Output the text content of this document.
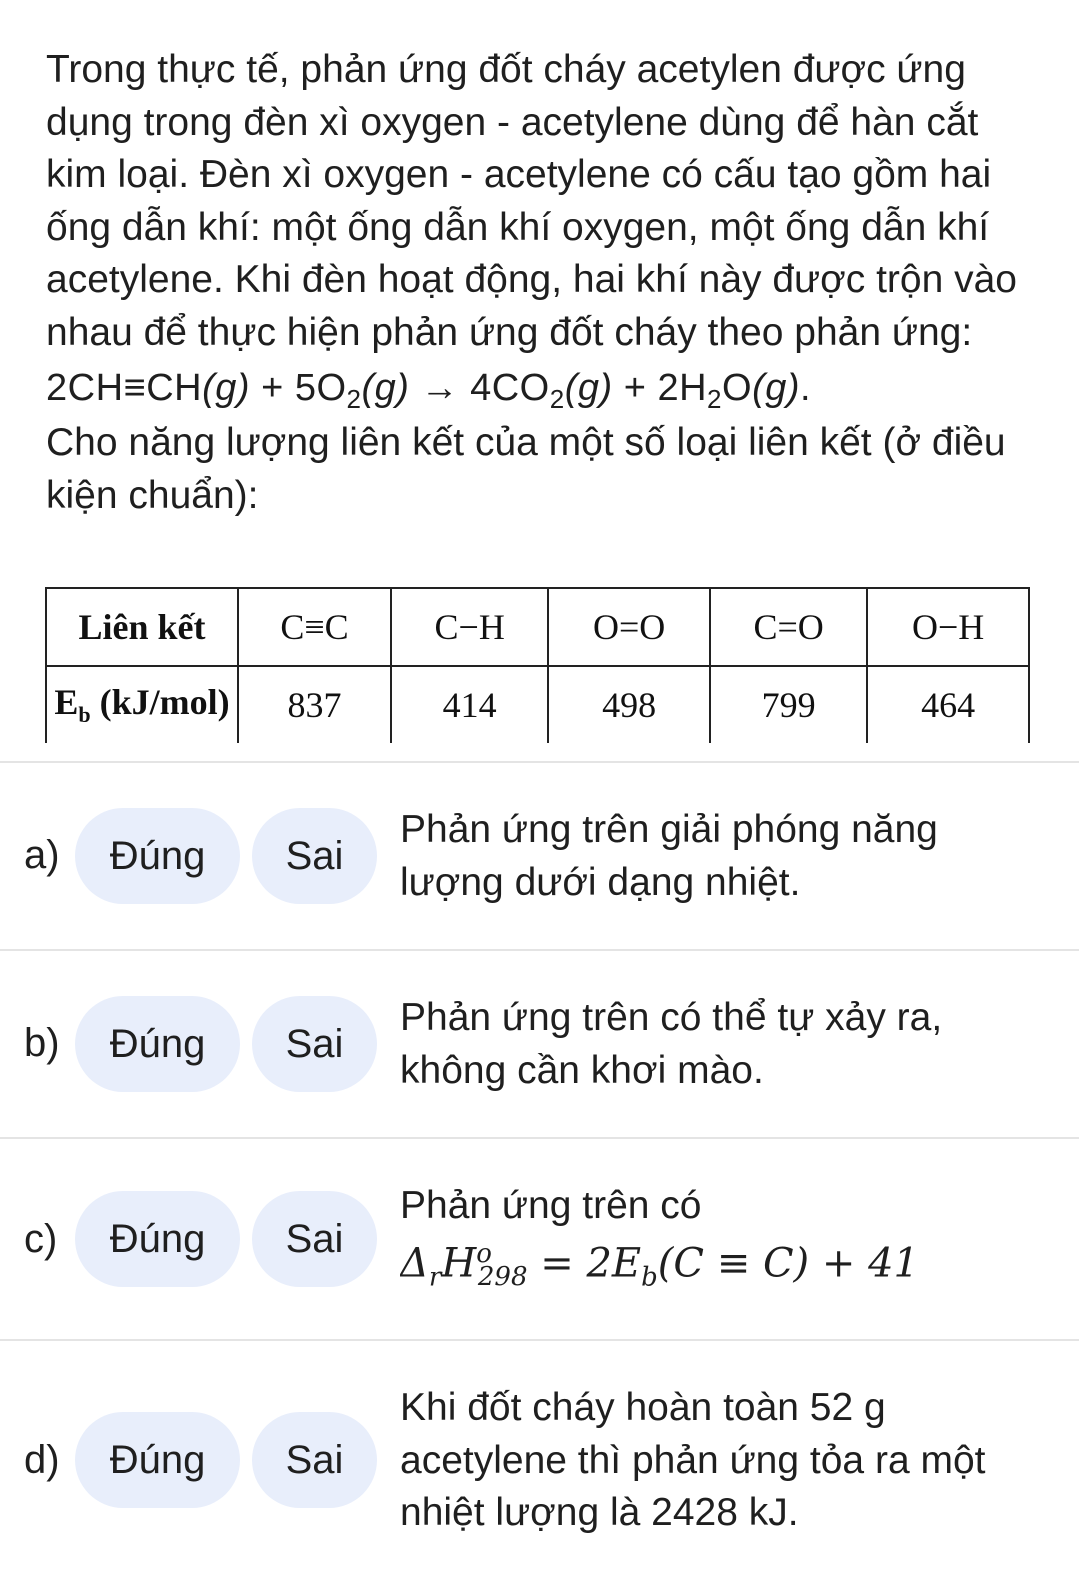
Trong thực tế, phản ứng đốt cháy acetylen được ứng dụng trong đèn xì oxygen - acetylene dùng để hàn cắt kim loại. Đèn xì oxygen - acetylene có cấu tạo gồm hai ống dẫn khí: một ống dẫn khí oxygen, một ống dẫn khí acetylene. Khi đèn hoạt động, hai khí này được trộn vào nhau để thực hiện phản ứng đốt cháy theo phản ứng:

$2CH\equiv CH(g) + 5O_2(g) \to 4CO_2(g) + 2H_2O(g)$.

Cho năng lượng liên kết của một số loại liên kết (ở điều kiện chuẩn):

Liên kết	C≡C	C−H	O=O	C=O	O−H
$E_b$ (kJ/mol)	837	414	498	799	464
a)	Đúng	Sai
Phản ứng trên giải phóng năng lượng dưới dạng nhiệt.
b)	Đúng	Sai
Phản ứng trên có thể tự xảy ra, không cần khơi mào.
c)	Đúng	Sai
Phản ứng trên có
$\Delta_rH^o_{298} = 2E_b(C \equiv C) + 41$
d)	Đúng	Sai
Khi đốt cháy hoàn toàn 52 g acetylene thì phản ứng tỏa ra một nhiệt lượng là 2428 kJ.
